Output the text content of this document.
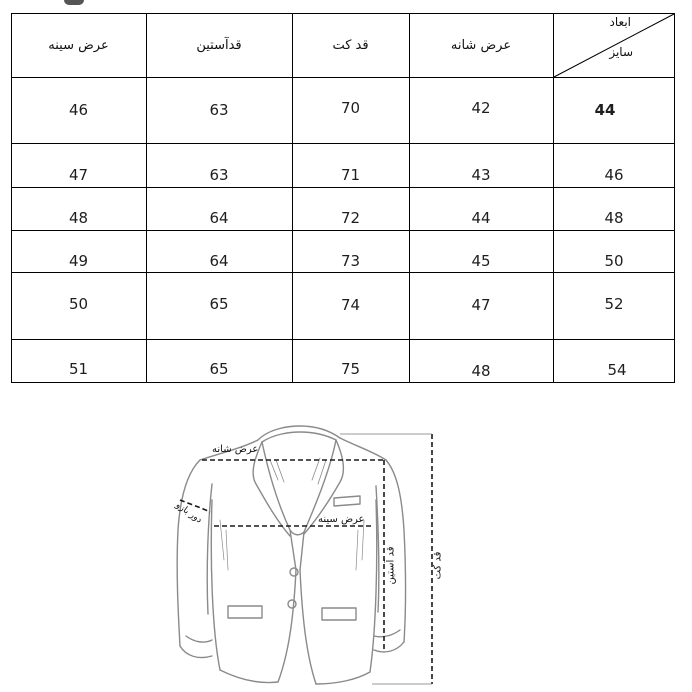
عرض سینه	قدآستین	قد کت	عرض شانه
ابعاد
سایز
46	63	70	42	44
47	63	71	43	46
48	64	72	44	48
49	64	73	45	50
50	65	74	47	52
51	65	75	48	54
عرض شانه
عرض سینه
قد آستین	قد کت
دور بازو
